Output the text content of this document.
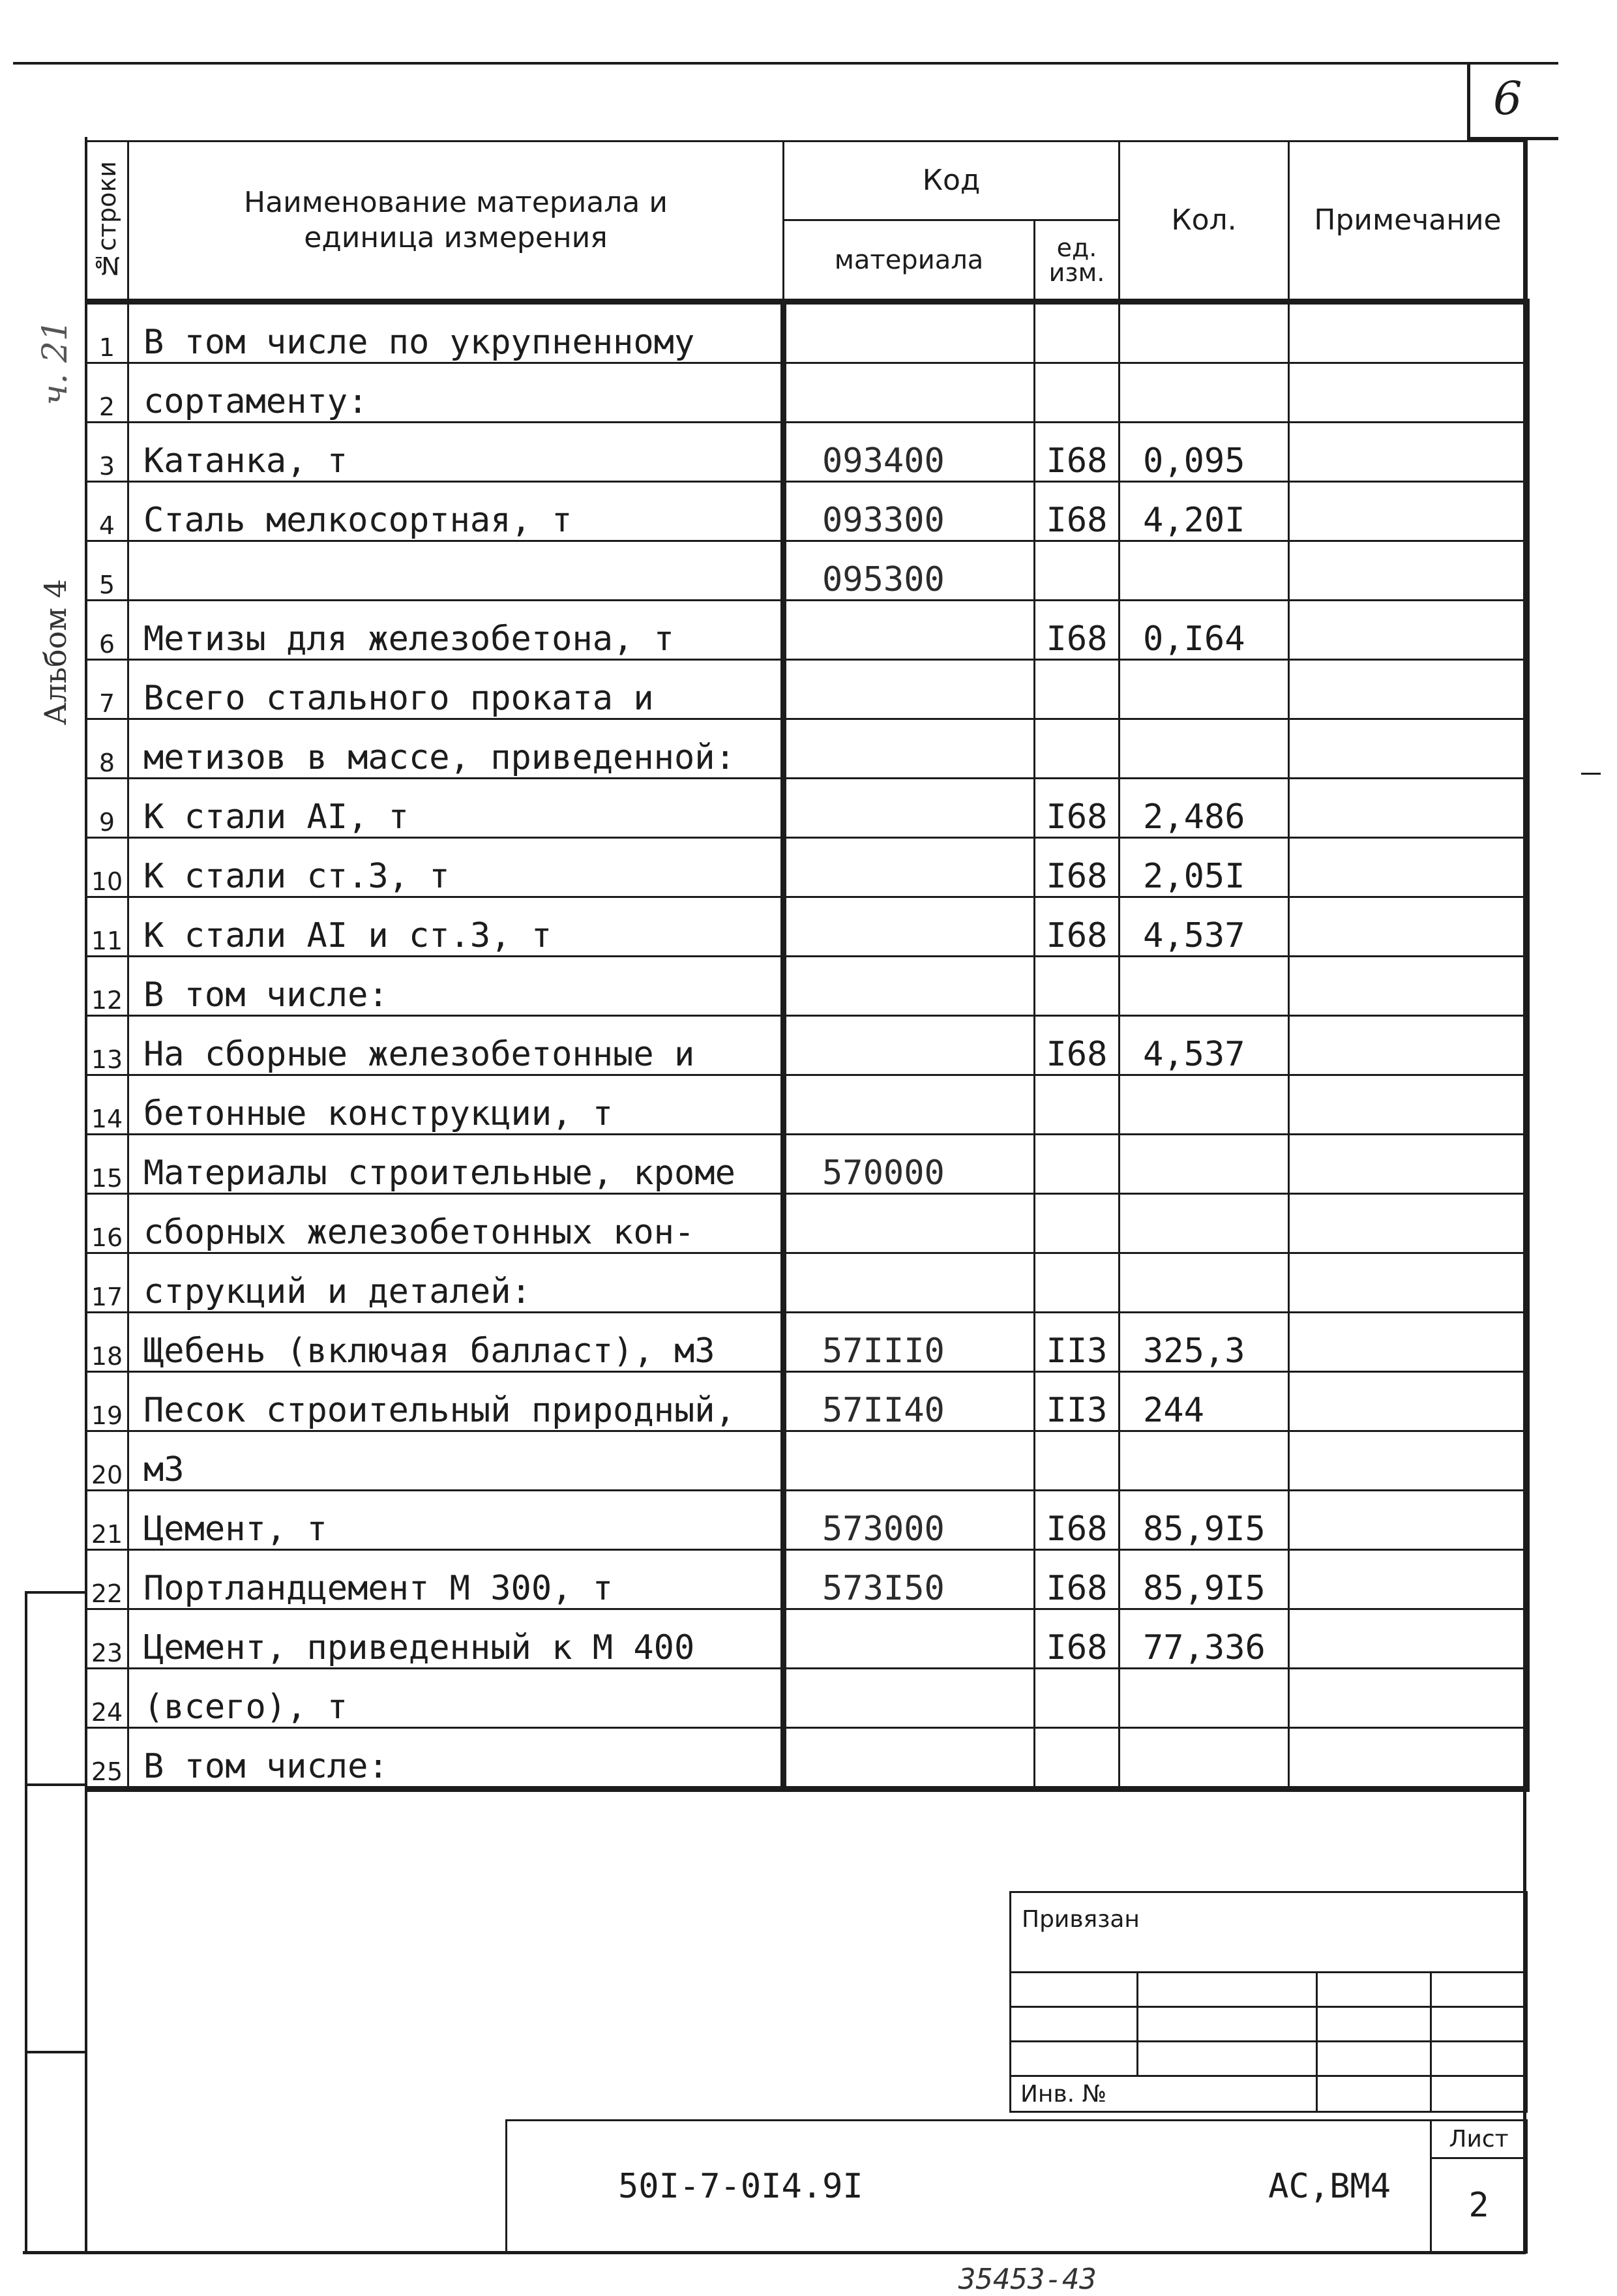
6
Альбом 4
ч. 21
№строки	Наименование материала и единица измерения	Код		Кол.	Примечание
		материала	ед. изм.		
1	В том числе по укрупненному				
2	сортаменту:				
3	Катанка, т	093400	I68	0,095	
4	Сталь мелкосортная, т	093300	I68	4,20I	
5		095300			
6	Метизы для железобетона, т		I68	0,I64	
7	Всего стального проката и				
8	метизов в массе, приведенной:				
9	К стали АI, т		I68	2,486	
10	К стали ст.3, т		I68	2,05I	
11	К стали АI и ст.3, т		I68	4,537	
12	В том числе:				
13	На сборные железобетонные и		I68	4,537	
14	бетонные конструкции, т				
15	Материалы строительные, кроме	570000			
16	сборных железобетонных кон-				
17	струкций и деталей:				
18	Щебень (включая балласт), м3	57III0	II3	325,3	
19	Песок строительный природный,	57II40	II3	244	
20	м3				
21	Цемент, т	573000	I68	85,9I5	
22	Портландцемент М 300, т	573I50	I68	85,9I5	
23	Цемент, приведенный к М 400		I68	77,336	
24	(всего), т				
25	В том числе:				
Привязан			

Инв. №			

50I-7-0I4.9I	АС,ВМ4
	Лист
2
35453-43
